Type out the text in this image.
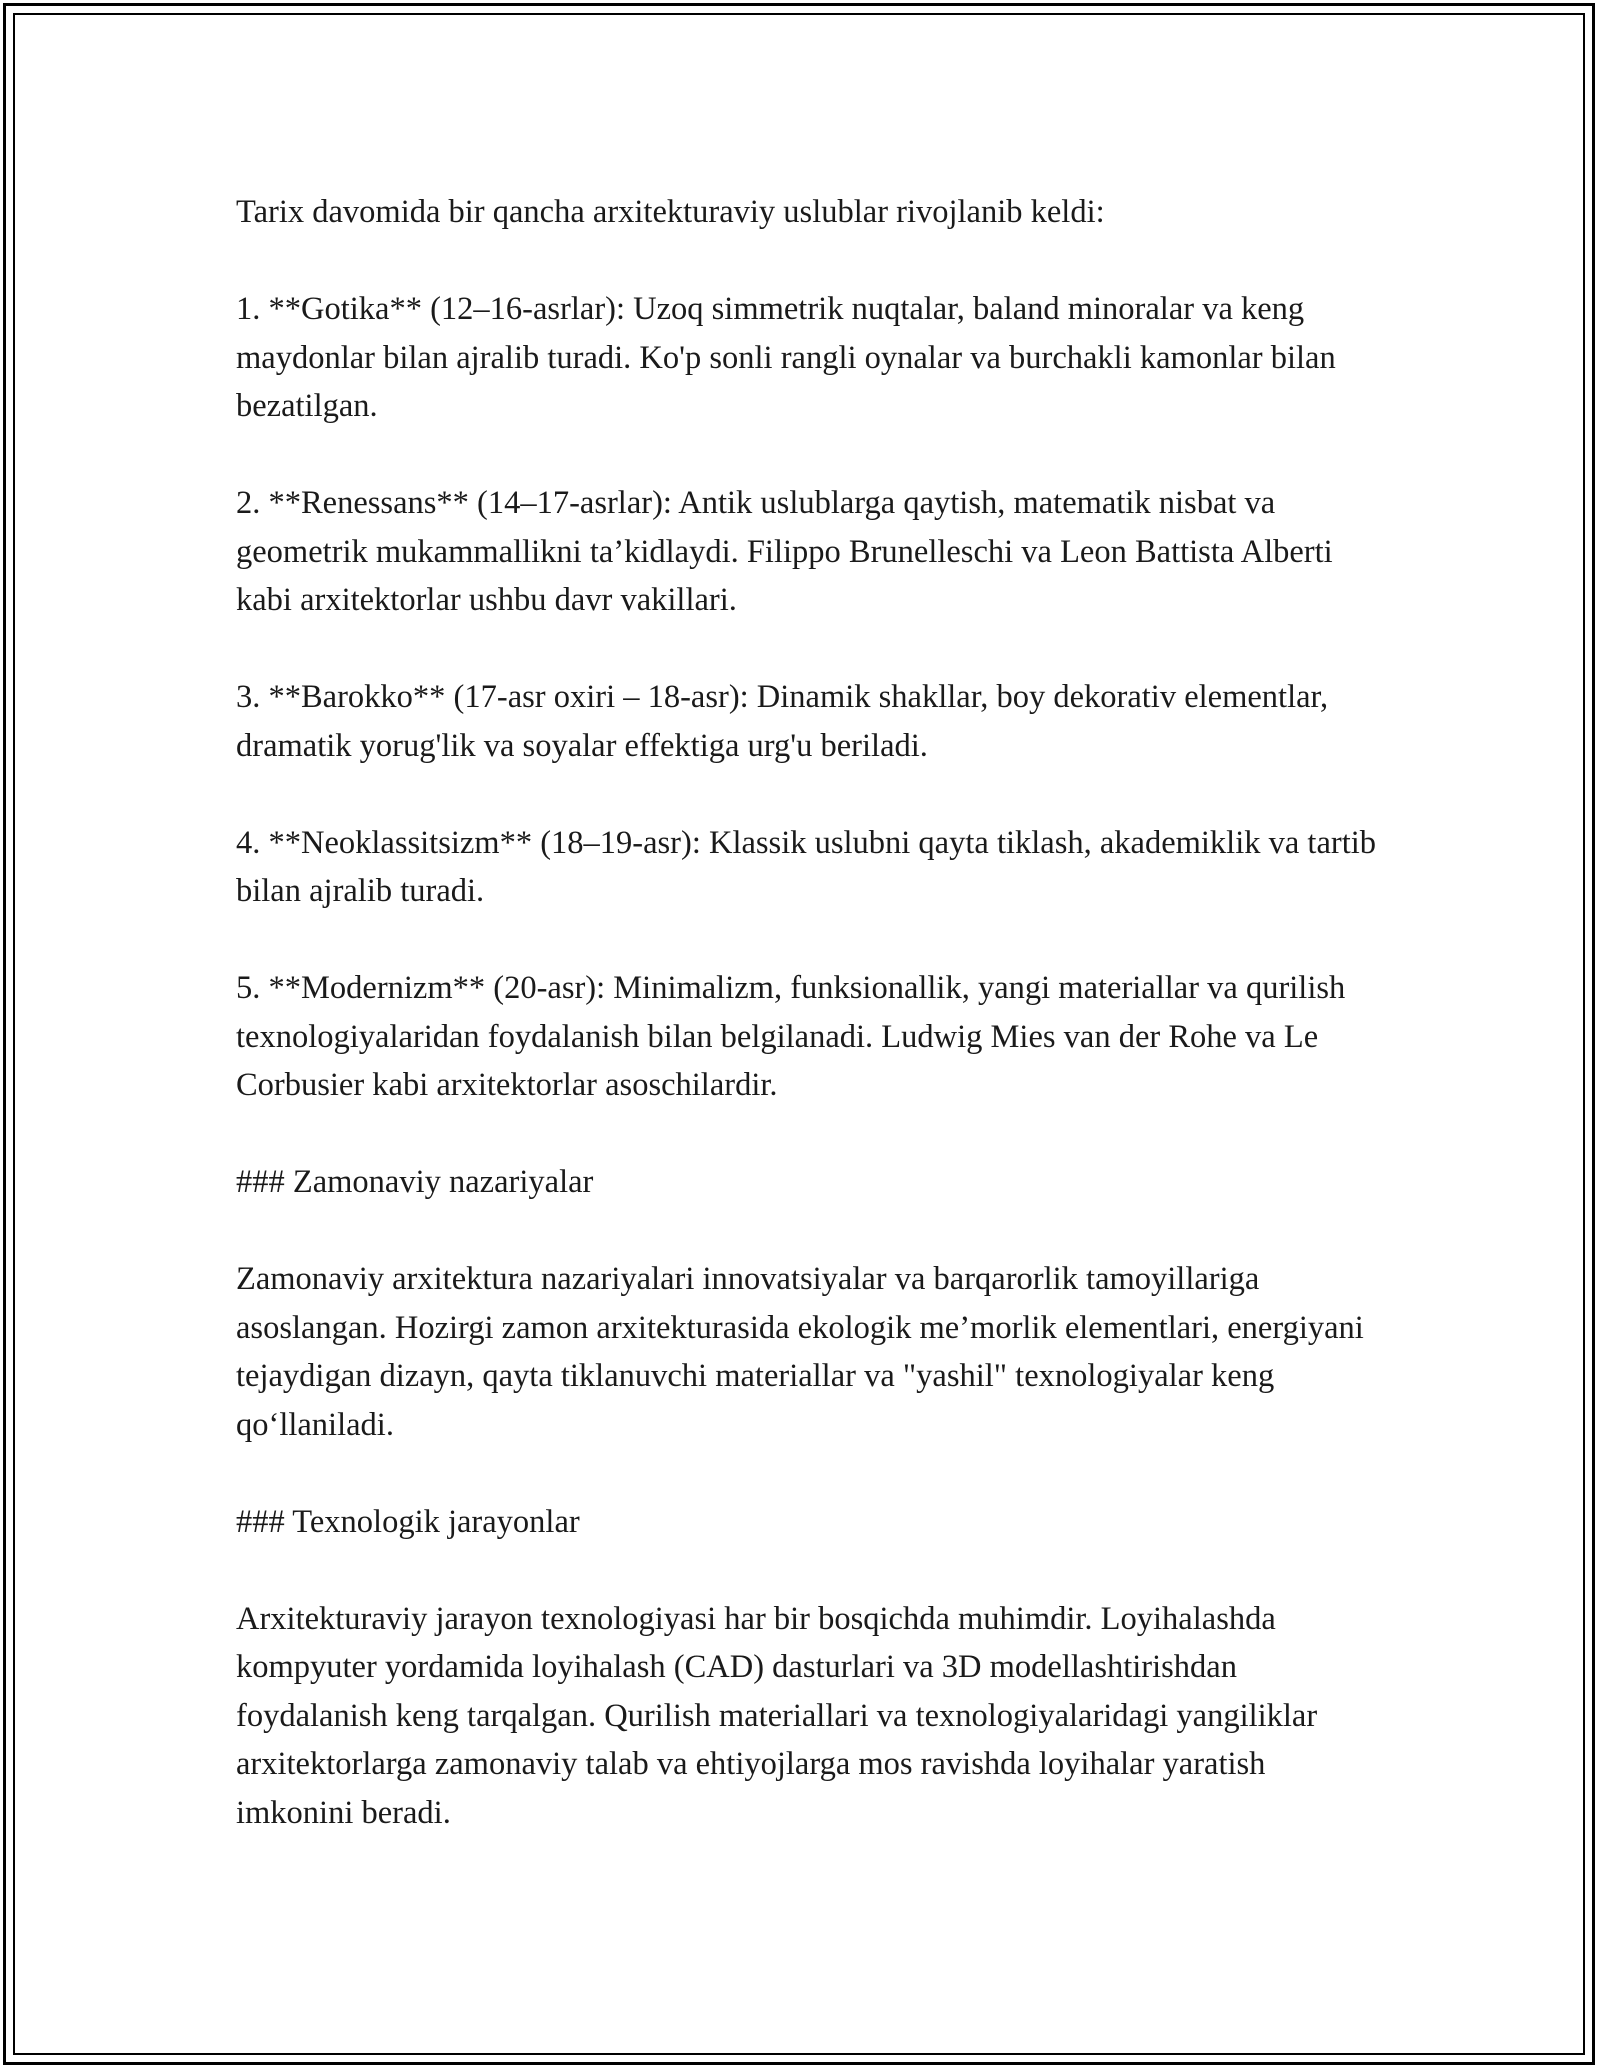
Tarix davomida bir qancha arxitekturaviy uslublar rivojlanib keldi:

1. **Gotika** (12–16-asrlar): Uzoq simmetrik nuqtalar, baland minoralar va keng maydonlar bilan ajralib turadi. Ko'p sonli rangli oynalar va burchakli kamonlar bilan bezatilgan.

2. **Renessans** (14–17-asrlar): Antik uslublarga qaytish, matematik nisbat va geometrik mukammallikni ta’kidlaydi. Filippo Brunelleschi va Leon Battista Alberti kabi arxitektorlar ushbu davr vakillari.

3. **Barokko** (17-asr oxiri – 18-asr): Dinamik shakllar, boy dekorativ elementlar, dramatik yorug'lik va soyalar effektiga urg'u beriladi.

4. **Neoklassitsizm** (18–19-asr): Klassik uslubni qayta tiklash, akademiklik va tartib bilan ajralib turadi.

5. **Modernizm** (20-asr): Minimalizm, funksionallik, yangi materiallar va qurilish texnologiyalaridan foydalanish bilan belgilanadi. Ludwig Mies van der Rohe va Le Corbusier kabi arxitektorlar asoschilardir.

### Zamonaviy nazariyalar

Zamonaviy arxitektura nazariyalari innovatsiyalar va barqarorlik tamoyillariga asoslangan. Hozirgi zamon arxitekturasida ekologik me’morlik elementlari, energiyani tejaydigan dizayn, qayta tiklanuvchi materiallar va "yashil" texnologiyalar keng qo‘llaniladi.

### Texnologik jarayonlar

Arxitekturaviy jarayon texnologiyasi har bir bosqichda muhimdir. Loyihalashda kompyuter yordamida loyihalash (CAD) dasturlari va 3D modellashtirishdan foydalanish keng tarqalgan. Qurilish materiallari va texnologiyalaridagi yangiliklar arxitektorlarga zamonaviy talab va ehtiyojlarga mos ravishda loyihalar yaratish imkonini beradi.
